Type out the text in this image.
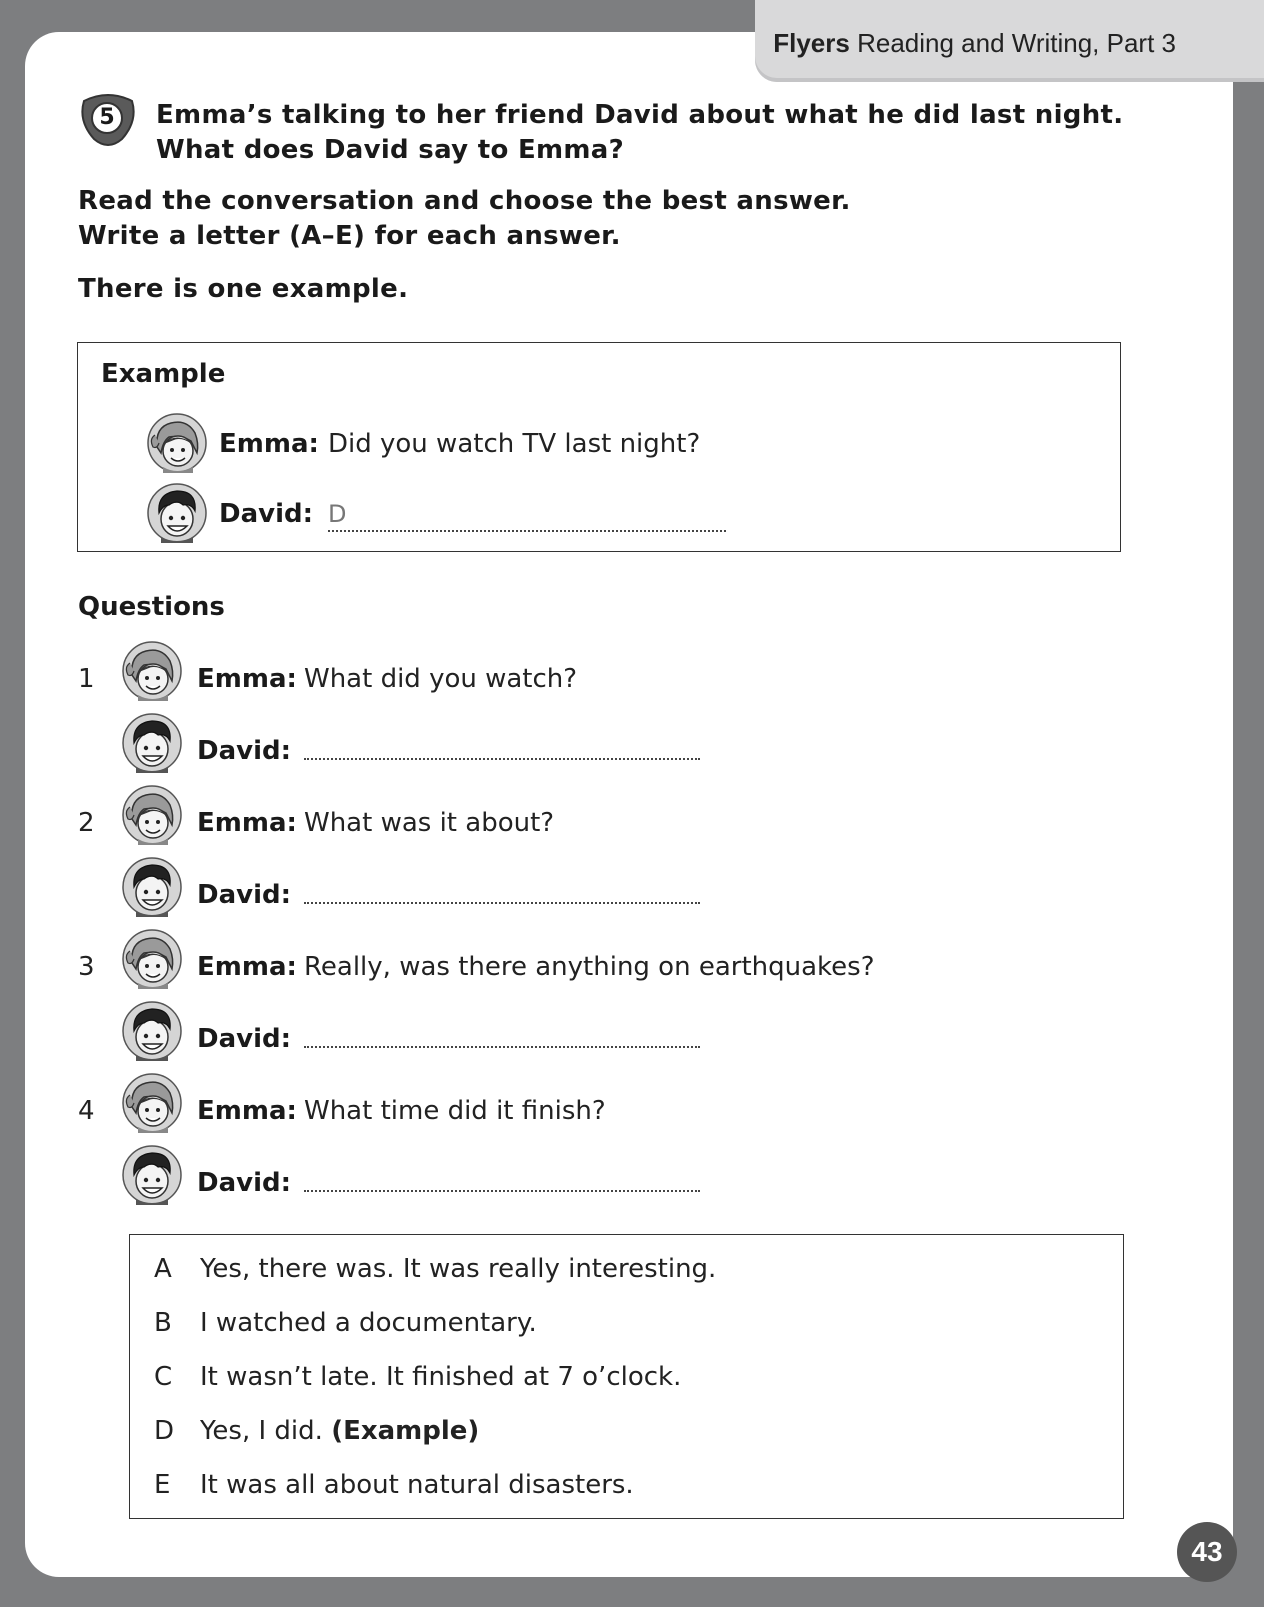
Flyers Reading and Writing, Part 3
5	Emma’s talking to her friend David about what he did last night.
What does David say to Emma?
Read the conversation and choose the best answer.
Write a letter (A–E) for each answer.
There is one example.
Example
Emma: Did you watch TV last night?
David: D
Questions
1	Emma: What did you watch?
David:
2	Emma: What was it about?
David:
3	Emma: Really, was there anything on earthquakes?
David:
4	Emma: What time did it finish?
David:
A Yes, there was. It was really interesting.
B I watched a documentary.
C It wasn’t late. It finished at 7 o’clock.
D Yes, I did. (Example)
E It was all about natural disasters.
43
